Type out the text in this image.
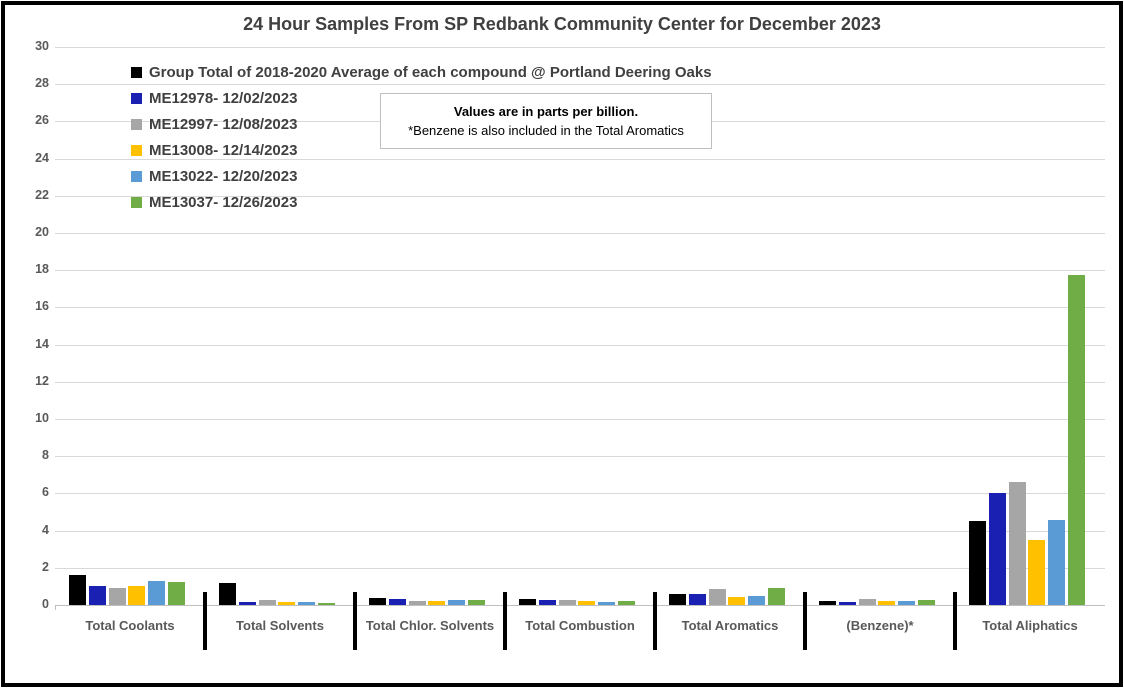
24 Hour Samples From SP Redbank Community Center for December 2023
0
2
4
6
8
10
12
14
16
18
20
22
24
26
28
30
Total Coolants	Total Solvents	Total Chlor. Solvents	Total Combustion	Total Aromatics	(Benzene)*	Total Aliphatics
Group Total of 2018-2020 Average of each compound @ Portland Deering Oaks
ME12978- 12/02/2023
ME12997- 12/08/2023
ME13008- 12/14/2023
ME13022- 12/20/2023
ME13037- 12/26/2023
Values are in parts per billion.
*Benzene is also included in the Total Aromatics
